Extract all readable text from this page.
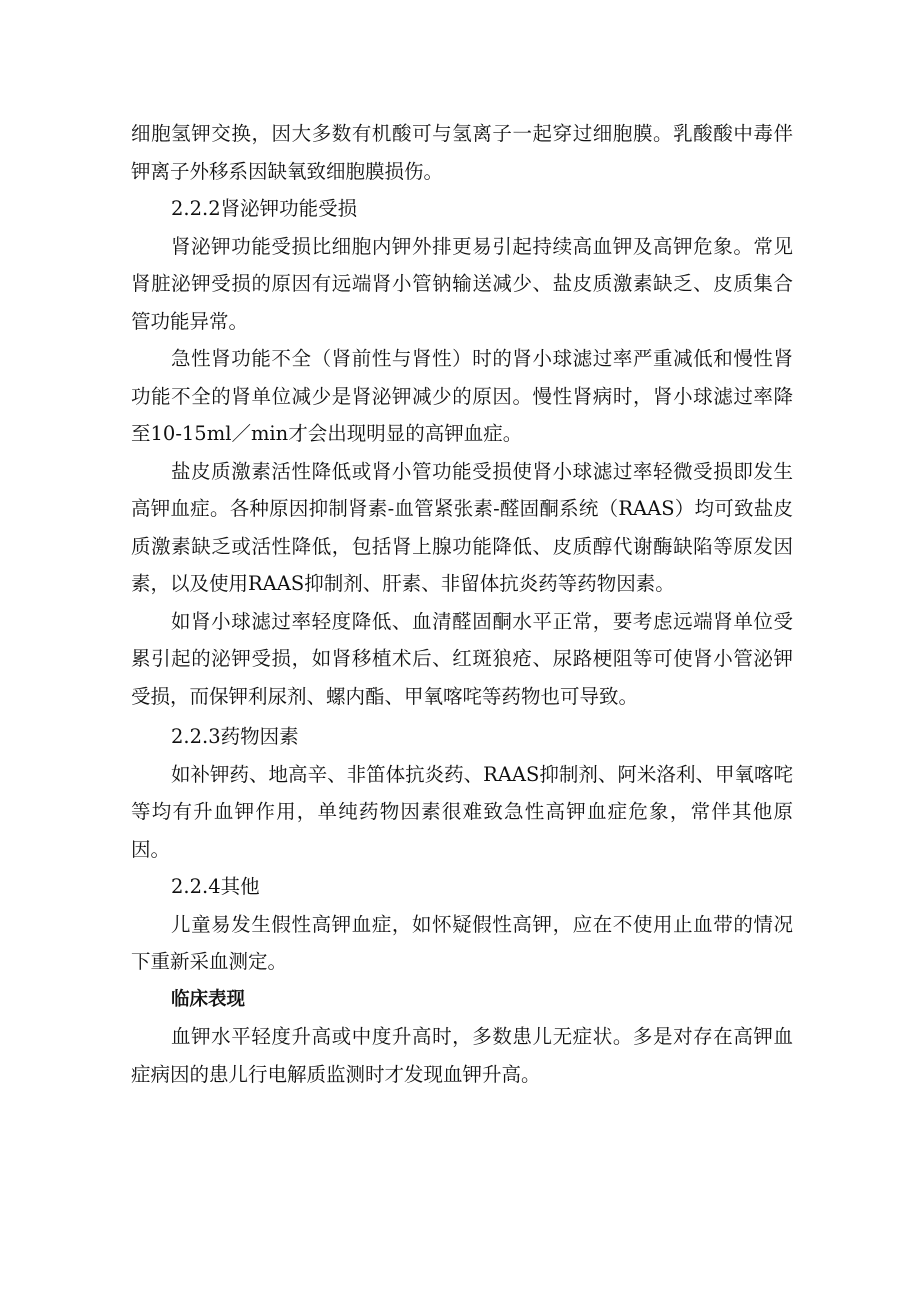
细胞氢钾交换，因大多数有机酸可与氢离子一起穿过细胞膜。乳酸酸中毒伴钾离子外移系因缺氧致细胞膜损伤。

2.2.2肾泌钾功能受损

肾泌钾功能受损比细胞内钾外排更易引起持续高血钾及高钾危象。常见肾脏泌钾受损的原因有远端肾小管钠输送减少、盐皮质激素缺乏、皮质集合管功能异常。

急性肾功能不全（肾前性与肾性）时的肾小球滤过率严重减低和慢性肾功能不全的肾单位减少是肾泌钾减少的原因。慢性肾病时，肾小球滤过率降至10-15ml／min才会出现明显的高钾血症。

盐皮质激素活性降低或肾小管功能受损使肾小球滤过率轻微受损即发生高钾血症。各种原因抑制肾素-血管紧张素-醛固酮系统（RAAS）均可致盐皮质激素缺乏或活性降低，包括肾上腺功能降低、皮质醇代谢酶缺陷等原发因素，以及使用RAAS抑制剂、肝素、非留体抗炎药等药物因素。

如肾小球滤过率轻度降低、血清醛固酮水平正常，要考虑远端肾单位受累引起的泌钾受损，如肾移植术后、红斑狼疮、尿路梗阻等可使肾小管泌钾受损，而保钾利尿剂、螺内酯、甲氧喀咤等药物也可导致。

2.2.3药物因素

如补钾药、地高辛、非笛体抗炎药、RAAS抑制剂、阿米洛利、甲氧喀咤等均有升血钾作用，单纯药物因素很难致急性高钾血症危象，常伴其他原因。

2.2.4其他

儿童易发生假性高钾血症，如怀疑假性高钾，应在不使用止血带的情况下重新采血测定。

临床表现

血钾水平轻度升高或中度升高时，多数患儿无症状。多是对存在高钾血症病因的患儿行电解质监测时才发现血钾升高。
